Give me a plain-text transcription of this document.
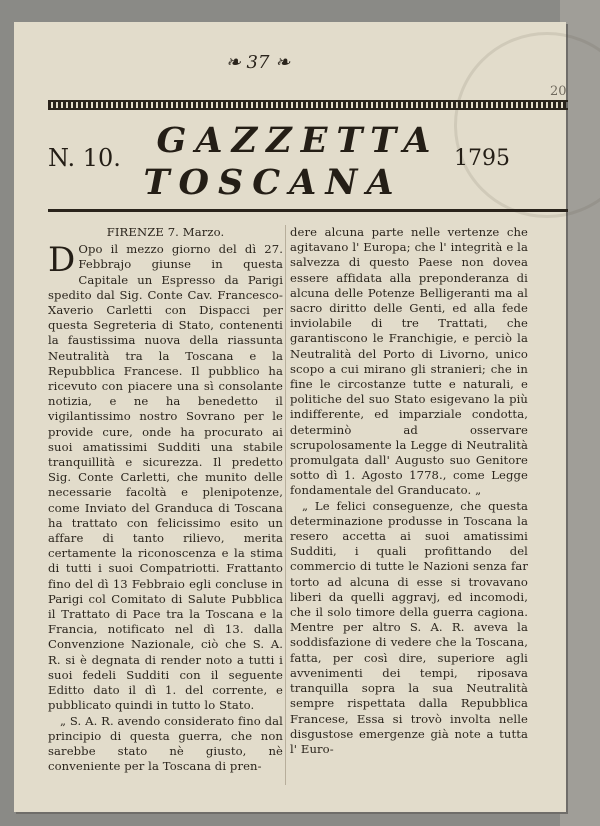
❧ 37 ❧
20
N. 10.	GAZZETTA
TOSCANA
1795

FIRENZE 7. Marzo.

D Opo il mezzo giorno del dì 27. Febbrajo giunse in questa Capitale un Espresso da Parigi spedito dal Sig. Conte Cav. Francesco-Xaverio Carletti con Dispacci per questa Segreteria di Stato, contenenti la faustissima nuova della riassunta Neutralità tra la Toscana e la Repubblica Francese. Il pubblico ha ricevuto con piacere una sì consolante notizia, e ne ha benedetto il vigilantissimo nostro Sovrano per le provide cure, onde ha procurato ai suoi amatissimi Sudditi una stabile tranquillità e sicurezza. Il predetto Sig. Conte Carletti, che munito delle necessarie facoltà e plenipotenze, come Inviato del Granduca di Toscana ha trattato con felicissimo esito un affare di tanto rilievo, merita certamente la riconoscenza e la stima di tutti i suoi Compatriotti. Frattanto fino del dì 13 Febbraio egli concluse in Parigi col Comitato di Salute Pubblica il Trattato di Pace tra la Toscana e la Francia, notificato nel dì 13. dalla Convenzione Nazionale, ciò che S. A. R. si è degnata di render noto a tutti i suoi fedeli Sudditi con il seguente Editto dato il dì 1. del corrente, e pubblicato quindi in tutto lo Stato.

„ S. A. R. avendo considerato fino dal principio di questa guerra, che non sarebbe stato nè giusto, nè conveniente per la Toscana di pren-

dere alcuna parte nelle vertenze che agitavano l' Europa; che l' integrità e la salvezza di questo Paese non dovea essere affidata alla preponderanza di alcuna delle Potenze Belligeranti ma al sacro diritto delle Genti, ed alla fede inviolabile di tre Trattati, che garantiscono le Franchigie, e perciò la Neutralità del Porto di Livorno, unico scopo a cui mirano gli stranieri; che in fine le circostanze tutte e naturali, e politiche del suo Stato esigevano la più indifferente, ed imparziale condotta, determinò ad osservare scrupolosamente la Legge di Neutralità promulgata dall' Augusto suo Genitore sotto dì 1. Agosto 1778., come Legge fondamentale del Granducato. „

„ Le felici conseguenze, che questa determinazione produsse in Toscana la resero accetta ai suoi amatissimi Sudditi, i quali profittando del commercio di tutte le Nazioni senza far torto ad alcuna di esse si trovavano liberi da quelli aggravj, ed incomodi, che il solo timore della guerra cagiona. Mentre per altro S. A. R. aveva la soddisfazione di vedere che la Toscana, fatta, per così dire, superiore agli avvenimenti dei tempi, riposava tranquilla sopra la sua Neutralità sempre rispettata dalla Repubblica Francese, Essa si trovò involta nelle disgustose emergenze già note a tutta l' Euro-
